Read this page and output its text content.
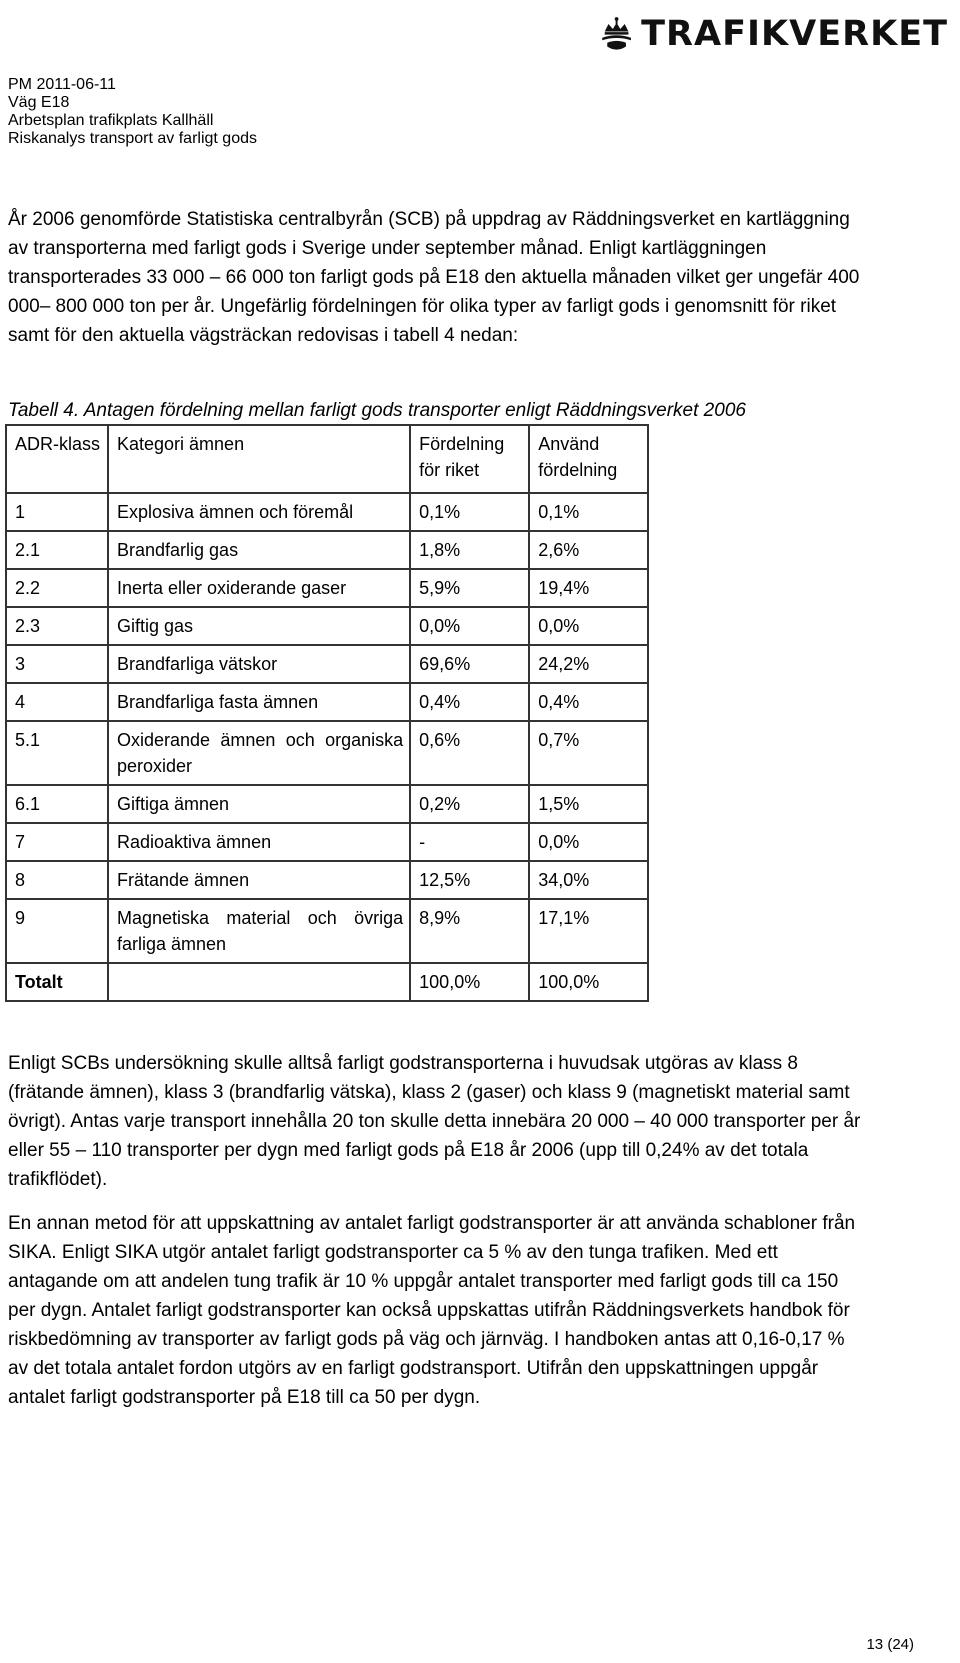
TRAFIKVERKET
PM 2011-06-11
Väg E18
Arbetsplan trafikplats Kallhäll
Riskanalys transport av farligt gods

År 2006 genomförde Statistiska centralbyrån (SCB) på uppdrag av Räddningsverket en kartläggning av transporterna med farligt gods i Sverige under september månad. Enligt kartläggningen transporterades 33 000 – 66 000 ton farligt gods på E18 den aktuella månaden vilket ger ungefär 400 000– 800 000 ton per år. Ungefärlig fördelningen för olika typer av farligt gods i genomsnitt för riket samt för den aktuella vägsträckan redovisas i tabell 4 nedan:

Tabell 4. Antagen fördelning mellan farligt gods transporter enligt Räddningsverket 2006
ADR-klass	Kategori ämnen	Fördelning för riket	Använd fördelning
1	Explosiva ämnen och föremål	0,1%	0,1%
2.1	Brandfarlig gas	1,8%	2,6%
2.2	Inerta eller oxiderande gaser	5,9%	19,4%
2.3	Giftig gas	0,0%	0,0%
3	Brandfarliga vätskor	69,6%	24,2%
4	Brandfarliga fasta ämnen	0,4%	0,4%
5.1	Oxiderande ämnen och organiska peroxider	0,6%	0,7%
6.1	Giftiga ämnen	0,2%	1,5%
7	Radioaktiva ämnen	-	0,0%
8	Frätande ämnen	12,5%	34,0%
9	Magnetiska material och övriga farliga ämnen	8,9%	17,1%
Totalt		100,0%	100,0%

Enligt SCBs undersökning skulle alltså farligt godstransporterna i huvudsak utgöras av klass 8 (frätande ämnen), klass 3 (brandfarlig vätska), klass 2 (gaser) och klass 9 (magnetiskt material samt övrigt). Antas varje transport innehålla 20 ton skulle detta innebära 20 000 – 40 000 transporter per år eller 55 – 110 transporter per dygn med farligt gods på E18 år 2006 (upp till 0,24% av det totala trafikflödet).

En annan metod för att uppskattning av antalet farligt godstransporter är att använda schabloner från SIKA. Enligt SIKA utgör antalet farligt godstransporter ca 5 % av den tunga trafiken. Med ett antagande om att andelen tung trafik är 10 % uppgår antalet transporter med farligt gods till ca 150 per dygn. Antalet farligt godstransporter kan också uppskattas utifrån Räddningsverkets handbok för riskbedömning av transporter av farligt gods på väg och järnväg. I handboken antas att 0,16-0,17 % av det totala antalet fordon utgörs av en farligt godstransport. Utifrån den uppskattningen uppgår antalet farligt godstransporter på E18 till ca 50 per dygn.

13 (24)
